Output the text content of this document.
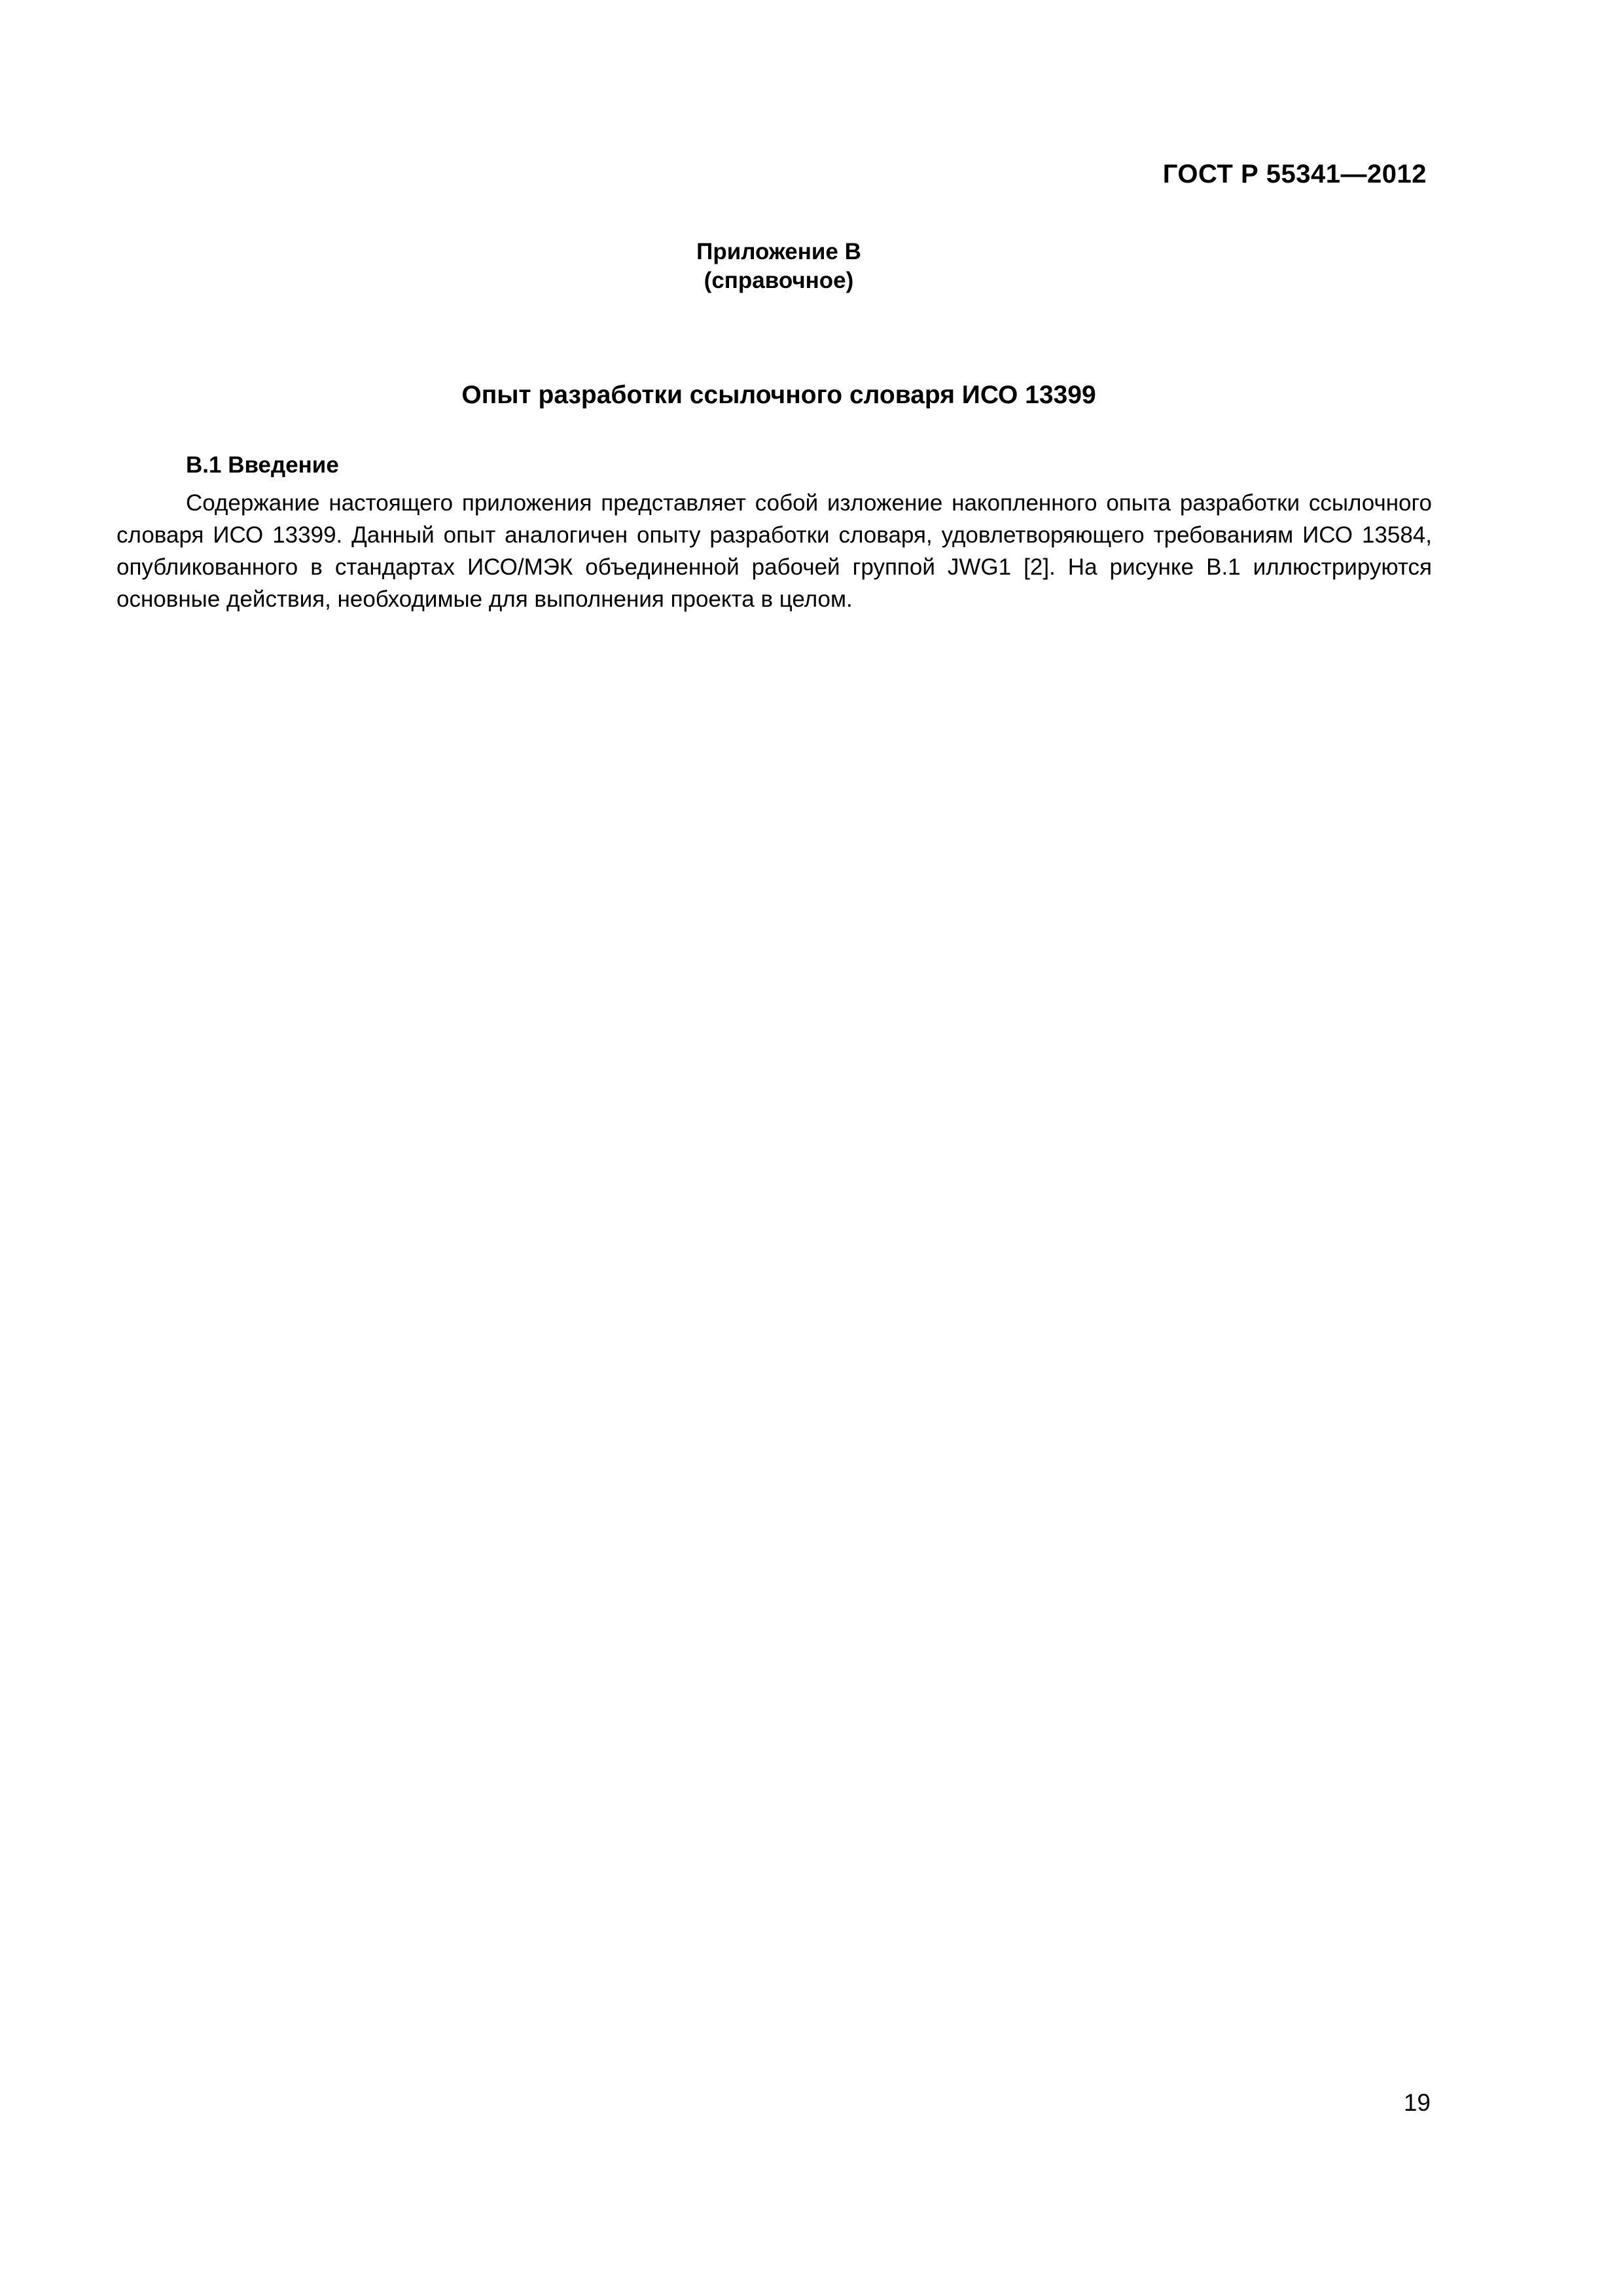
ГОСТ Р 55341—2012
Приложение В
(справочное)
Опыт разработки ссылочного словаря ИСО 13399
В.1 Введение

Содержание настоящего приложения представляет собой изложение накопленного опыта разработки ссылочного словаря ИСО 13399. Данный опыт аналогичен опыту разработки словаря, удовлетворяющего требованиям ИСО 13584, опубликованного в стандартах ИСО/МЭК объединенной рабочей группой JWG1 [2]. На рисунке В.1 иллюстрируются основные действия, необходимые для выполнения проекта в целом.

19
